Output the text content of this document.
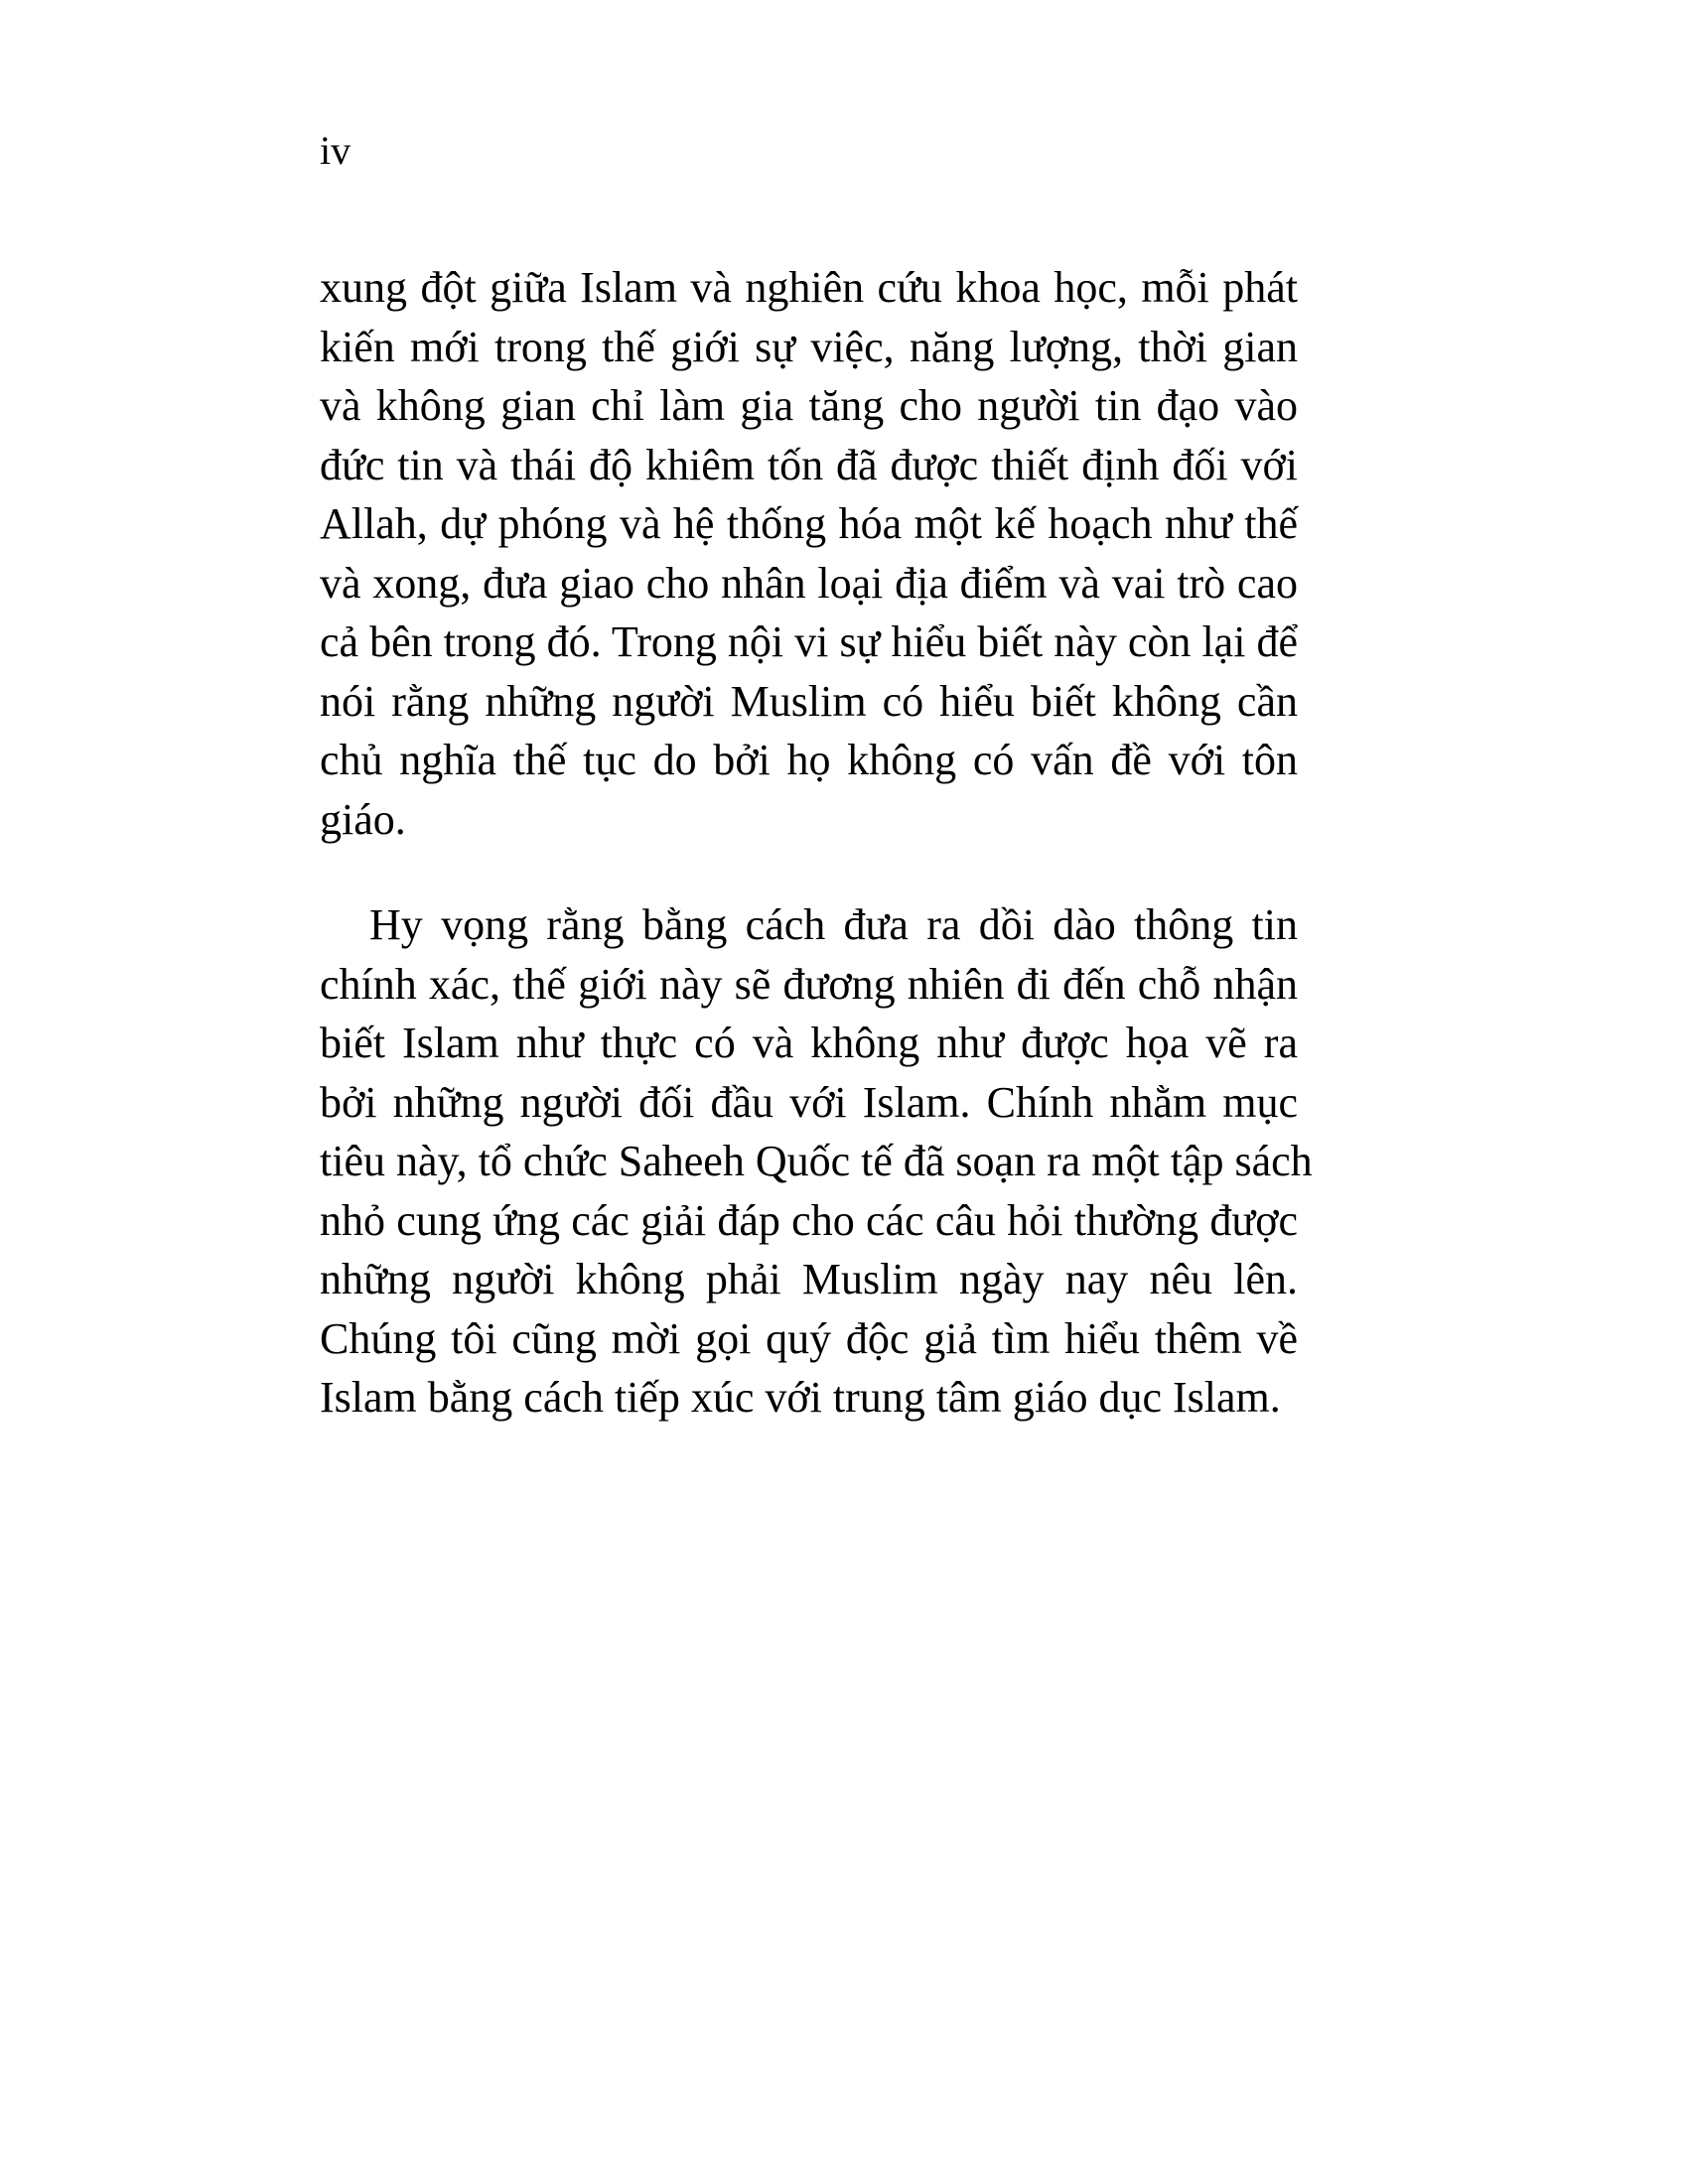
iv
xung đột giữa Islam và nghiên cứu khoa học, mỗi phát
kiến mới trong thế giới sự việc, năng lượng, thời gian
và không gian chỉ làm gia tăng cho người tin đạo vào
đức tin và thái độ khiêm tốn đã được thiết định đối với
Allah, dự phóng và hệ thống hóa một kế hoạch như thế
và xong, đưa giao cho nhân loại địa điểm và vai trò cao
cả bên trong đó. Trong nội vi sự hiểu biết này còn lại để
nói rằng những người Muslim có hiểu biết không cần
chủ nghĩa thế tục do bởi họ không có vấn đề với tôn
giáo.
Hy vọng rằng bằng cách đưa ra dồi dào thông tin
chính xác, thế giới này sẽ đương nhiên đi đến chỗ nhận
biết Islam như thực có và không như được họa vẽ ra
bởi những người đối đầu với Islam. Chính nhằm mục
tiêu này, tổ chức Saheeh Quốc tế đã soạn ra một tập sách
nhỏ cung ứng các giải đáp cho các câu hỏi thường được
những người không phải Muslim ngày nay nêu lên.
Chúng tôi cũng mời gọi quý độc giả tìm hiểu thêm về
Islam bằng cách tiếp xúc với trung tâm giáo dục Islam.
